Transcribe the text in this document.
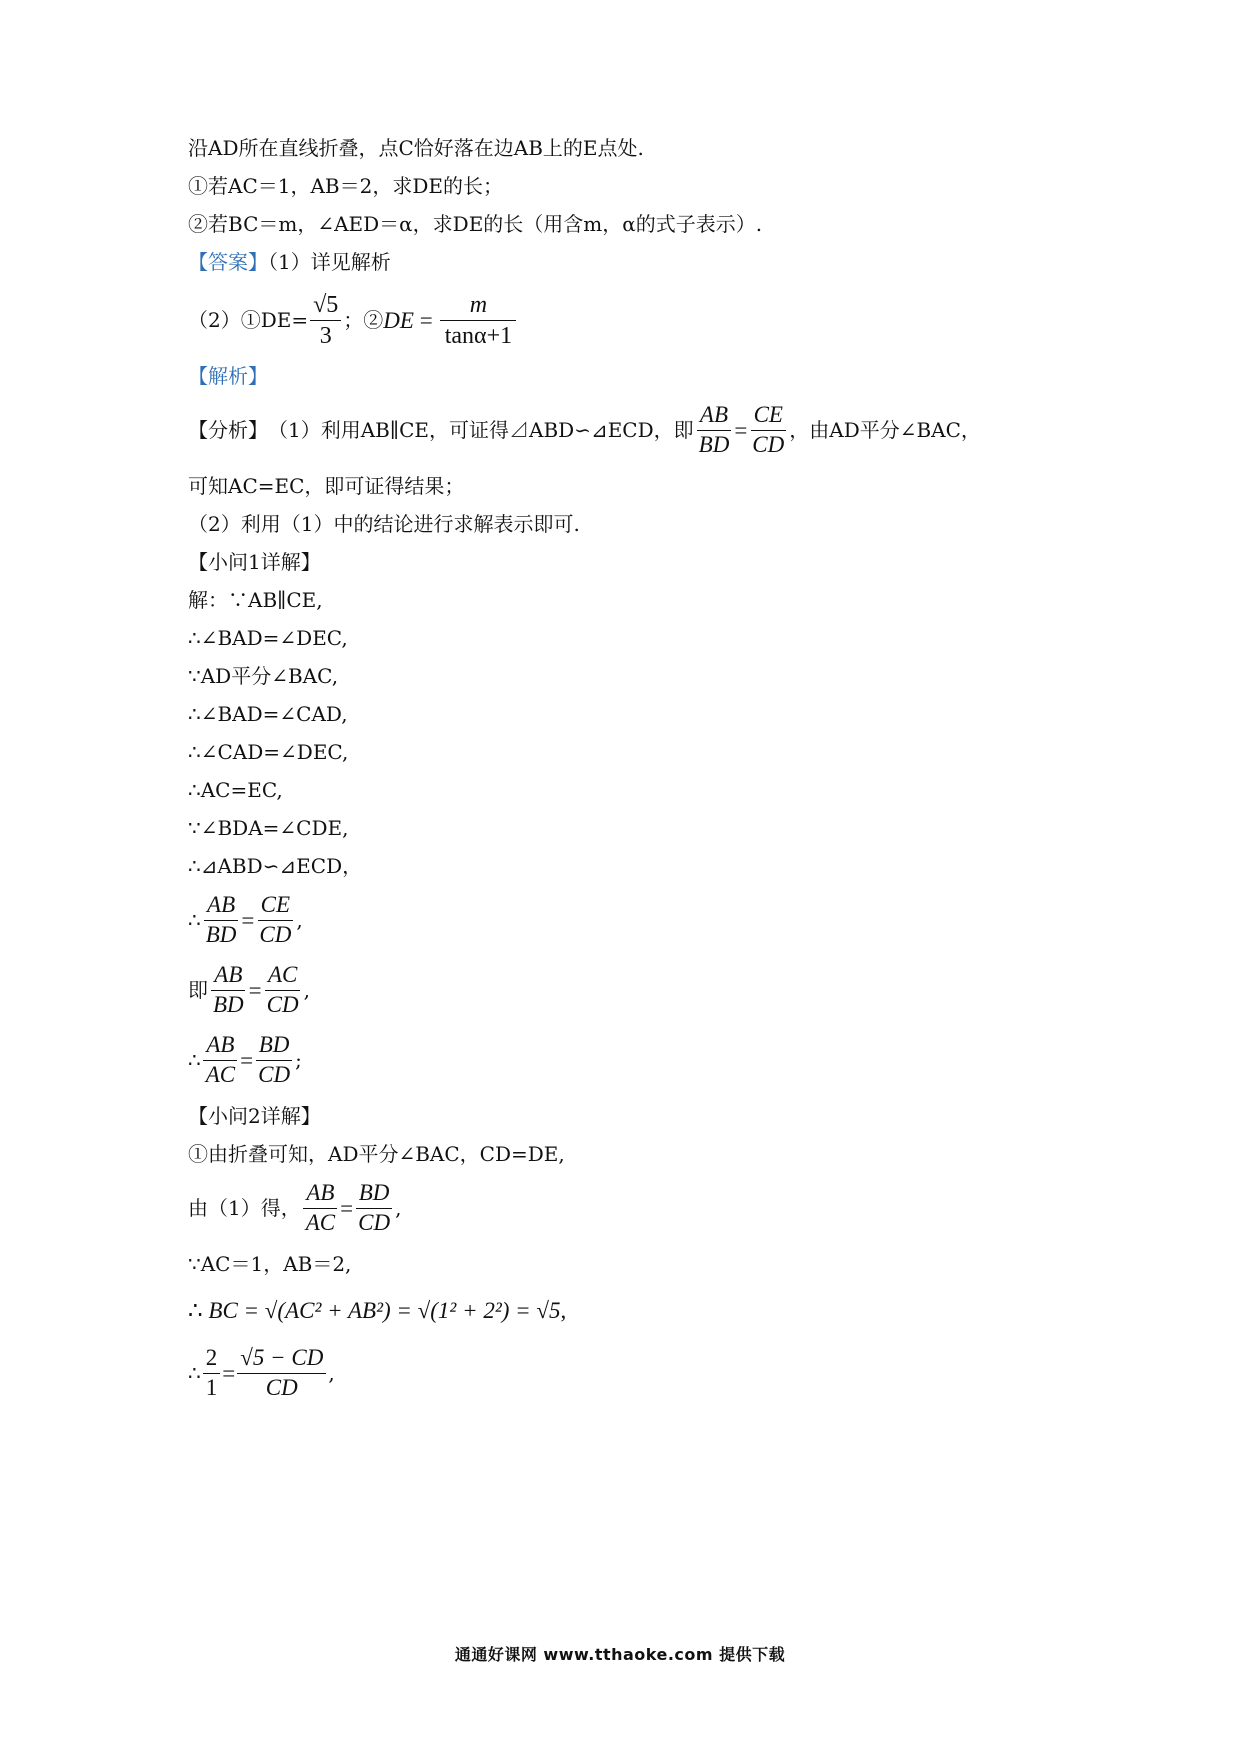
沿AD所在直线折叠，点C恰好落在边AB上的E点处.
①若AC＝1，AB＝2，求DE的长；
②若BC＝m，∠AED＝α，求DE的长（用含m，α的式子表示）.
【答案】（1）详见解析
（2）①DE= $\frac{√5}{3}$ ；② DE = $\frac{m}{\tan\alpha+1}$
【解析】
【分析】 （1）利用AB∥CE，可证得⊿ABD∽⊿ECD，即 $\frac{AB}{BD} = \frac{CE}{CD}$ ，由AD平分∠BAC，
可知AC=EC，即可证得结果；
（2）利用（1）中的结论进行求解表示即可.
【小问1详解】
解：∵AB∥CE,
∴∠BAD=∠DEC,
∵AD平分∠BAC,
∴∠BAD=∠CAD,
∴∠CAD=∠DEC,
∴AC=EC,
∵∠BDA=∠CDE,
∴⊿ABD∽⊿ECD，
∴ $\frac{AB}{BD} = \frac{CE}{CD}$ ,
即 $\frac{AB}{BD} = \frac{AC}{CD}$ ,
∴ $\frac{AB}{AC} = \frac{BD}{CD}$ ;
【小问2详解】
①由折叠可知，AD平分∠BAC，CD=DE,
由（1）得， $\frac{AB}{AC} = \frac{BD}{CD}$ ,
∵AC＝1，AB＝2,
∴
BC = √(AC² + AB²) = √(1² + 2²) = √5 ,
∴ $\frac{2}{1} = \frac{√5 - CD}{CD}$ ,
通通好课网 www.tthaoke.com 提供下载
